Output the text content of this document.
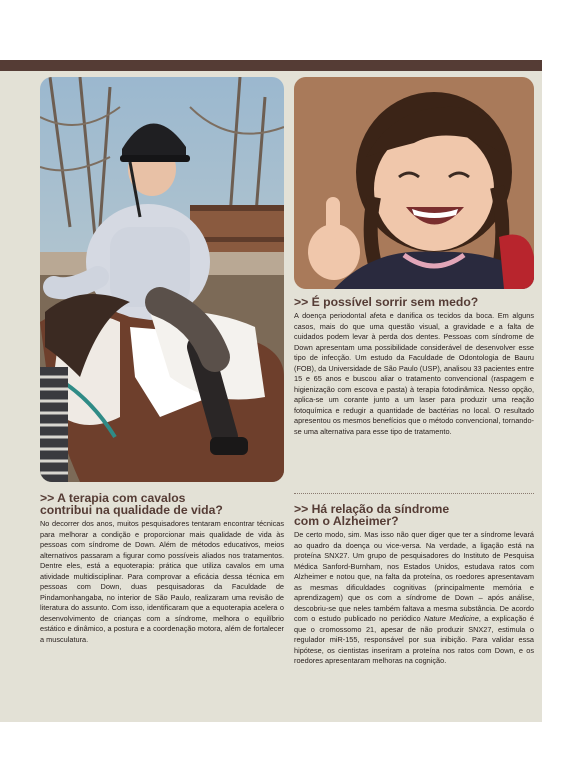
>> A terapia com cavalos
contribui na qualidade de vida?

No decorrer dos anos, muitos pesquisadores tentaram encontrar técnicas para melhorar a condição e proporcionar mais qualidade de vida às pessoas com síndrome de Down. Além de métodos educativos, meios alternativos passaram a figurar como possíveis aliados nos tratamentos. Dentre eles, está a equoterapia: prática que utiliza cavalos em uma atividade multidisciplinar. Para comprovar a eficácia dessa técnica em pessoas com Down, duas pesquisadoras da Faculdade de Pindamonhangaba, no interior de São Paulo, realizaram uma revisão de literatura do assunto. Com isso, identificaram que a equoterapia acelera o desenvolvimento de crianças com a síndrome, melhora o equilíbrio estático e dinâmico, a postura e a coordenação motora, além de fortalecer a musculatura.

>> É possível sorrir sem medo?

A doença periodontal afeta e danifica os tecidos da boca. Em alguns casos, mais do que uma questão visual, a gravidade e a falta de cuidados podem levar à perda dos dentes. Pessoas com síndrome de Down apresentam uma possibilidade considerável de desenvolver esse tipo de infecção. Um estudo da Faculdade de Odontologia de Bauru (FOB), da Universidade de São Paulo (USP), analisou 33 pacientes entre 15 e 65 anos e buscou aliar o tratamento convencional (raspagem e higienização com escova e pasta) à terapia fotodinâmica. Nesso opção, aplica-se um corante junto a um laser para produzir uma reação fotoquímica e redugir a quantidade de bactérias no local. O resultado apresentou os mesmos benefícios que o método convencional, tornando-se uma alternativa para esse tipo de tratamento.

>> Há relação da síndrome
com o Alzheimer?

De certo modo, sim. Mas isso não quer diger que ter a síndrome levará ao quadro da doença ou vice-versa. Na verdade, a ligação está na proteína SNX27. Um grupo de pesquisadores do Instituto de Pesquisa Médica Sanford-Burnham, nos Estados Unidos, estudava ratos com Alzheimer e notou que, na falta da proteína, os roedores apresentavam as mesmas dificuldades cognitivas (principalmente memória e aprendizagem) que os com a síndrome de Down – após análise, descobriu-se que neles também faltava a mesma substância. De acordo com o estudo publicado no periódico Nature Medicine, a explicação é que o cromossomo 21, apesar de não produzir SNX27, estimula o regulador miR-155, responsável por sua inibição. Para validar essa hipótese, os cientistas inseriram a proteína nos ratos com Down, e os roedores apresentaram melhoras na cognição.
